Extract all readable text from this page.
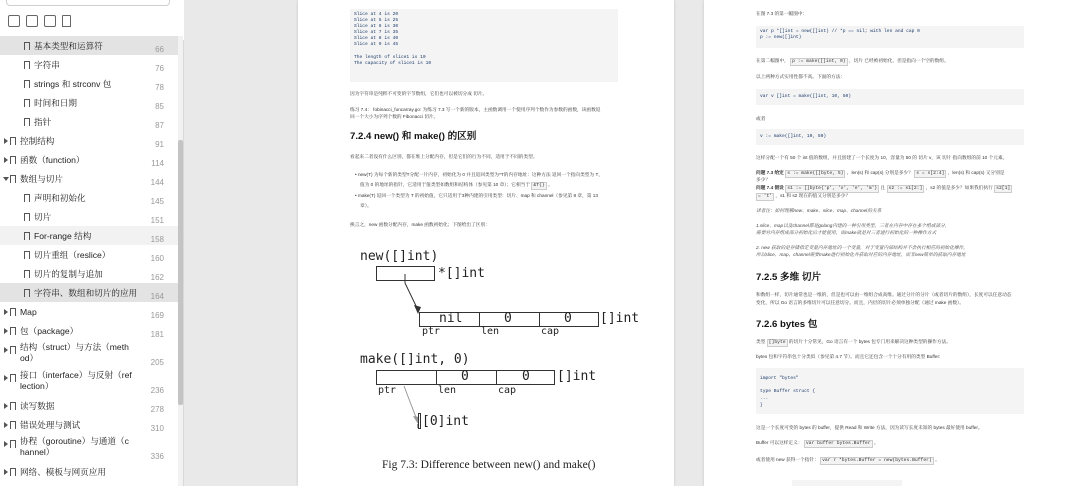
基本类型和运算符	66
字符串	76
strings 和 strconv 包	78
时间和日期	85
指针	87
控制结构	91
函数（function）	114
数组与切片	144
声明和初始化	145
切片	151
For-range 结构	158
切片重组（reslice）	160
切片的复制与追加	162
字符串、数组和切片的应用 164
Map	169
包（package）	181
结构（struct）与方法（meth
od）	205
接口（interface）与反射（ref
lection）	236
读写数据	278
错误处理与测试	310
协程（goroutine）与通道（c
hannel）	336
网络、模板与网页应用
Slice at 4 is 20
Slice at 5 is 25
Slice at 6 is 30
Slice at 7 is 35
Slice at 8 is 40
Slice at 9 is 45

The length of slice1 is 10
The capacity of slice1 is 10
因为字符串是纯粹不可变的字节数组，它们也可以被切分成 切片。
练习 7.4： fobinacci_funcarray.go: 为练习 7.3 写一个新的版本，主函数调用一个使用序列个数作为参数的函数，该函数返
回一个大小为序列个数的 Fibonacci 切片。
7.2.4 new() 和 make() 的区别
看起来二者没有什么区别，都在堆上分配内存，但是它们的行为不同，适用于不同的类型。
• new(T) 为每个新的类型T分配一片内存，初始化为 0 并且返回类型为*T的内存地址：这种方法 返回一个指向类型为 T，
值为 0 的地址的指针，它适用于值类型如数组和结构体（参见第 10 章）；它相当于 &T{} 。
• make(T) 返回一个类型为 T 的初始值，它只适用于3种内建的引用类型：切片、map 和 channel（参见第 8 章，第 13
章）。
换言之，new 函数分配内存，make 函数初始化；下图给出了区别：
new([]int)
*[]int
nil	0	0 []int
ptr	len	cap
make([]int, 0)
0	0 []int
ptr	len	cap
[0]int
Fig 7.3: Difference between new() and make()
在图 7.3 的第一幅图中：
var p *[]int = new([]int) // *p == nil; with len and cap 0
p := new([]int)
在第二幅图中， p := make([]int, 0) ，切片 已经被初始化，但是指向一个空的数组。
以上两种方式实用性都不高。下面的方法：
var v []int = make([]int, 10, 50)
或者
v := make([]int, 10, 50)
这样分配一个有 50 个 int 值的数组，并且创建了一个长度为 10，容量为 50 的 切片 v，该 切片 指向数组的前 10 个元素。
问题 7.3 给定 s := make([]byte, 5) ，len(s) 和 cap(s) 分别是多少？ s = s[2:4] ，len(s) 和 cap(s) 又分别是
多少？
问题 7.4 假设 s1 := []byte{'p', 'o', 'e', 'm'} 且 s2 := s1[2:] ，s2 的值是多少？如果我们执行 s2[1]
= 't' ，s1 和 s2 现在的值又分别是多少？
译者注：如何理解new、make、slice、map、channel的关系
1.slice、map以及channel都是golang内建的一种引用类型，三者在内存中存在多个组成部分，
需要对内存组成部分初始化后才能使用，而make就是对三者进行初始化的一种操作方式
2. new 获取的是存储指定变量内存地址的一个变量，对于变量内部结构并不会执行相应的初始化操作，
所以slice、map、channel需要make进行初始化并获取对应的内存地址，而非new简单的获取内存地址
7.2.5 多维 切片
和数组一样，切片通常也是一维的，但是也可以由一维组合成高维。通过分片的分片（或者切片的数组），长度可以任意动态
变化，所以 Go 语言的多维切片可以任意切分。而且，内层的切片必须单独分配（通过 make 函数）。
7.2.6 bytes 包
类型 []byte 的切片十分常见，Go 语言有一个 bytes 包专门用来解决这种类型的操作方法。
bytes 包和字符串包十分类似（参见第 4.7 节）。而且它还包含一个十分有用的类型 Buffer:
import "bytes"
type Buffer struct {
...
}
这是一个长度可变的 bytes 的 buffer，提供 Read 和 Write 方法，因为读写长度未知的 bytes 最好使用 buffer。
Buffer 可以这样定义： var buffer bytes.Buffer 。
或者使用 new 获得一个指针： var r *bytes.Buffer = new(bytes.Buffer) 。
